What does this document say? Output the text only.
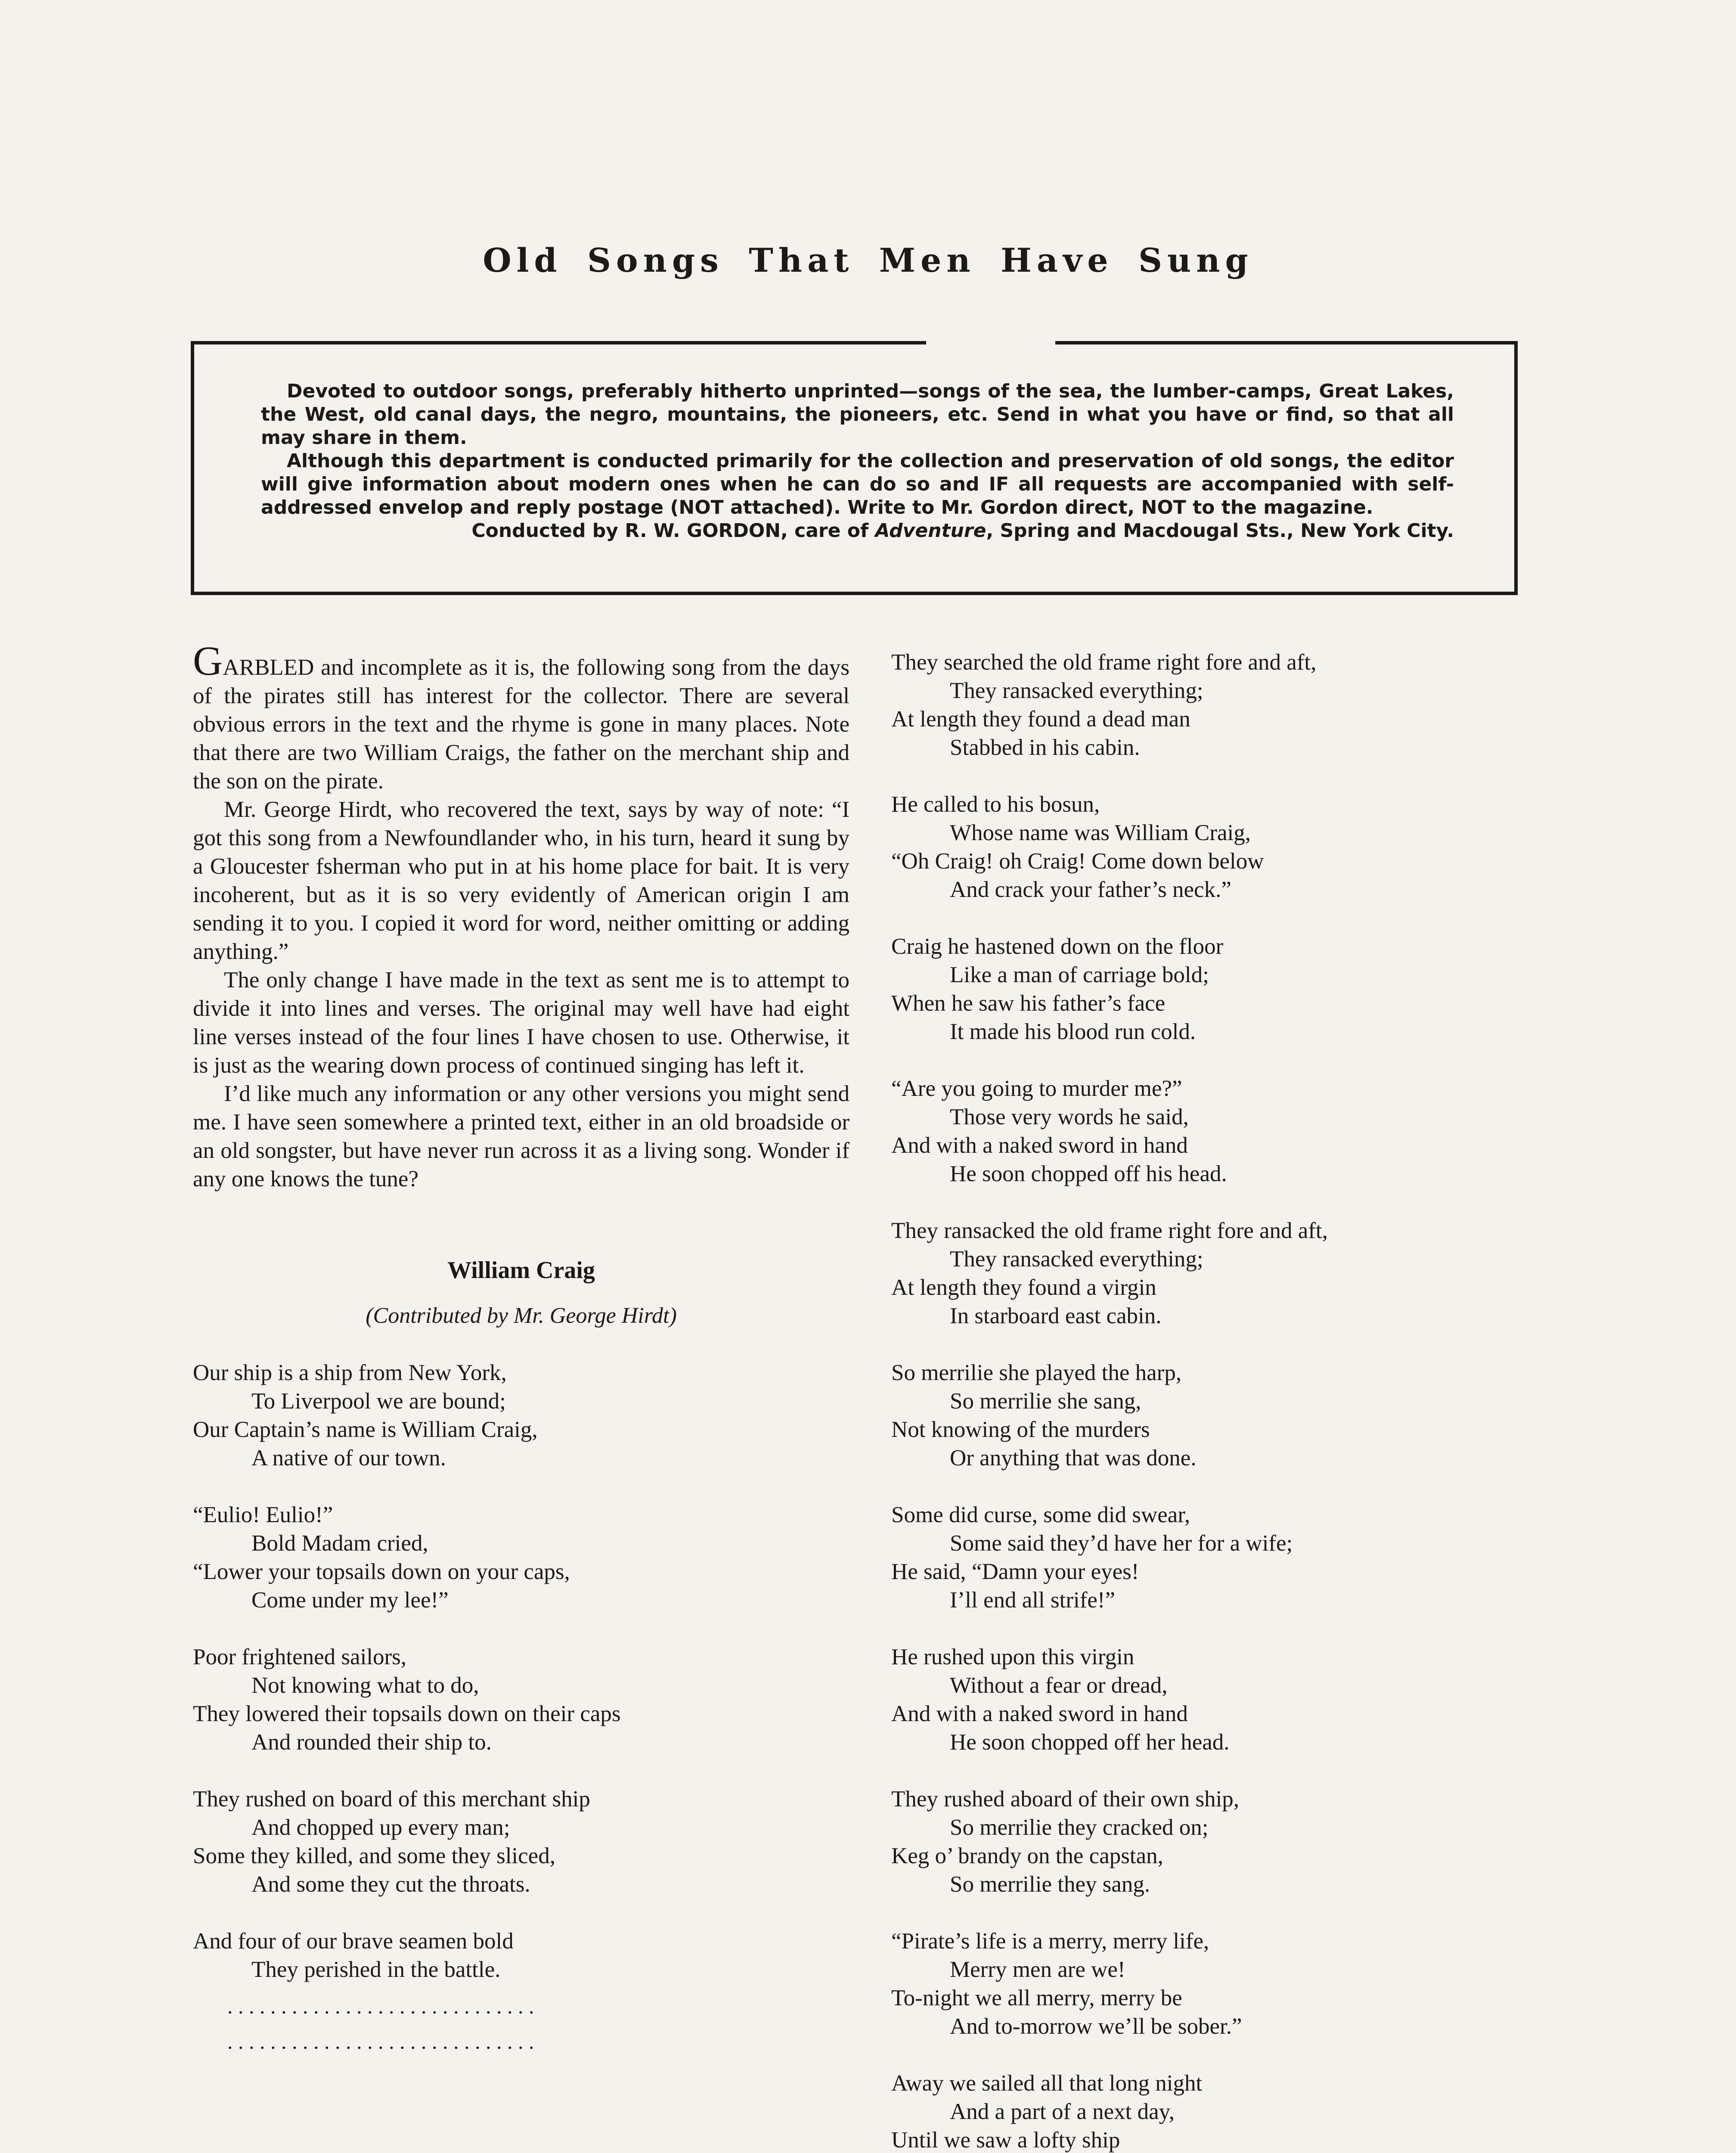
Old Songs That Men Have Sung

Devoted to outdoor songs, preferably hitherto unprinted—songs of the sea, the lumber-camps, Great Lakes, the West, old canal days, the negro, mountains, the pioneers, etc. Send in what you have or find, so that all may share in them.

Although this department is conducted primarily for the collection and preservation of old songs, the editor will give information about modern ones when he can do so and IF all requests are accompanied with self-addressed envelop and reply postage (NOT attached). Write to Mr. Gordon direct, NOT to the magazine.

Conducted by R. W. GORDON, care of Adventure, Spring and Macdougal Sts., New York City.

GARBLED and incomplete as it is, the following song from the days of the pirates still has interest for the collector. There are several obvious errors in the text and the rhyme is gone in many places. Note that there are two William Craigs, the father on the merchant ship and the son on the pirate.

Mr. George Hirdt, who recovered the text, says by way of note: “I got this song from a Newfoundlander who, in his turn, heard it sung by a Gloucester fsherman who put in at his home place for bait. It is very incoherent, but as it is so very evidently of American origin I am sending it to you. I copied it word for word, neither omitting or adding anything.”

The only change I have made in the text as sent me is to attempt to divide it into lines and verses. The original may well have had eight line verses instead of the four lines I have chosen to use. Otherwise, it is just as the wearing down process of continued singing has left it.

I’d like much any information or any other versions you might send me. I have seen somewhere a printed text, either in an old broadside or an old songster, but have never run across it as a living song. Wonder if any one knows the tune?

William Craig
(Contributed by Mr. George Hirdt)
Our ship is a ship from New York,
To Liverpool we are bound;
Our Captain’s name is William Craig,
A native of our town.
“Eulio! Eulio!”
Bold Madam cried,
“Lower your topsails down on your caps,
Come under my lee!”
Poor frightened sailors,
Not knowing what to do,
They lowered their topsails down on their caps
And rounded their ship to.
They rushed on board of this merchant ship
And chopped up every man;
Some they killed, and some they sliced,
And some they cut the throats.
And four of our brave seamen bold
They perished in the battle.
. . . . . . . . . . . . . . . . . . . . . . . . . . . . .
. . . . . . . . . . . . . . . . . . . . . . . . . . . . .
They searched the old frame right fore and aft,
They ransacked everything;
At length they found a dead man
Stabbed in his cabin.
He called to his bosun,
Whose name was William Craig,
“Oh Craig! oh Craig! Come down below
And crack your father’s neck.”
Craig he hastened down on the floor
Like a man of carriage bold;
When he saw his father’s face
It made his blood run cold.
“Are you going to murder me?”
Those very words he said,
And with a naked sword in hand
He soon chopped off his head.
They ransacked the old frame right fore and aft,
They ransacked everything;
At length they found a virgin
In starboard east cabin.
So merrilie she played the harp,
So merrilie she sang,
Not knowing of the murders
Or anything that was done.
Some did curse, some did swear,
Some said they’d have her for a wife;
He said, “Damn your eyes!
I’ll end all strife!”
He rushed upon this virgin
Without a fear or dread,
And with a naked sword in hand
He soon chopped off her head.
They rushed aboard of their own ship,
So merrilie they cracked on;
Keg o’ brandy on the capstan,
So merrilie they sang.
“Pirate’s life is a merry, merry life,
Merry men are we!
To-night we all merry, merry be
And to-morrow we’ll be sober.”
Away we sailed all that long night
And a part of a next day,
Until we saw a lofty ship
